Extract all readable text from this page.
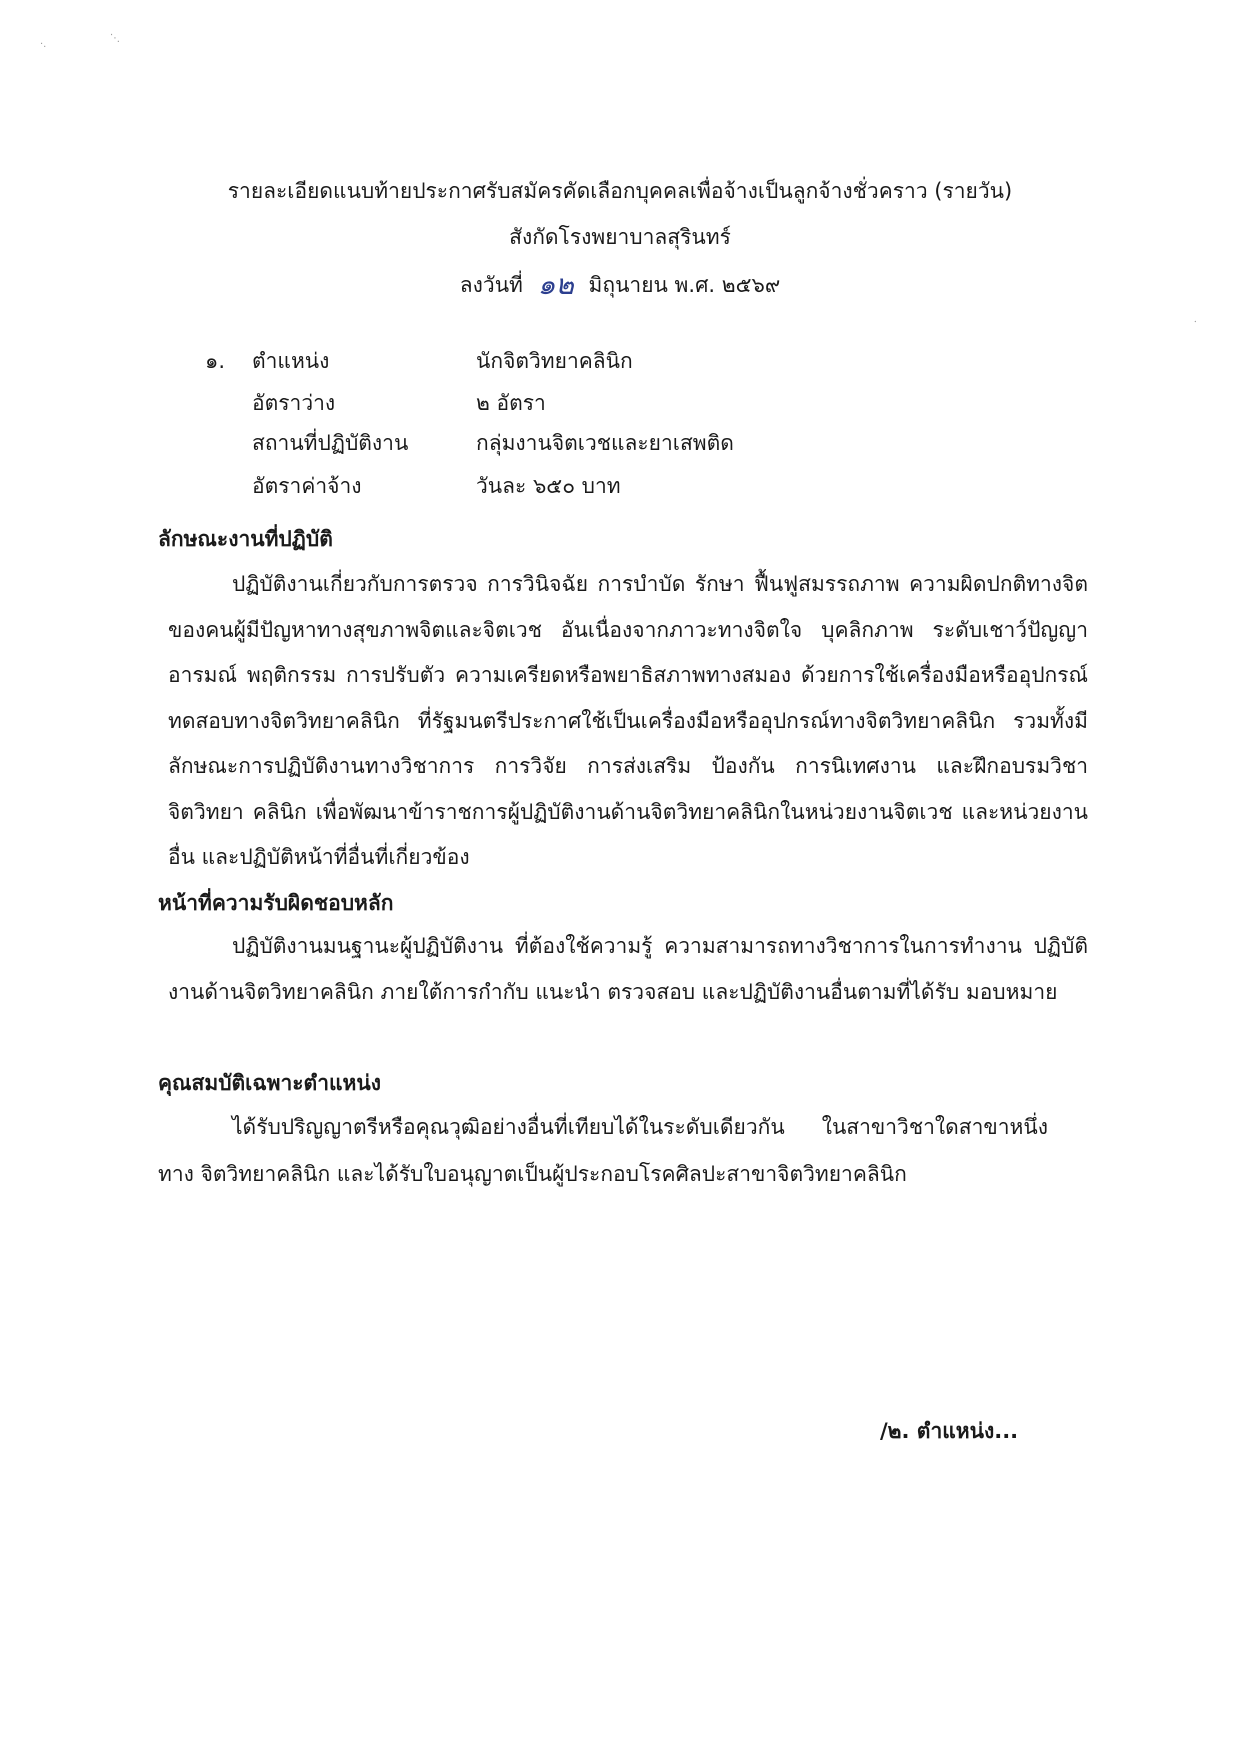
·.
⋱
⸱
รายละเอียดแนบท้ายประกาศรับสมัครคัดเลือกบุคคลเพื่อจ้างเป็นลูกจ้างชั่วคราว (รายวัน)
สังกัดโรงพยาบาลสุรินทร์
ลงวันที่ ๑๒ มิถุนายน พ.ศ. ๒๕๖๙
๑. ตำแหน่ง	นักจิตวิทยาคลินิก
อัตราว่าง	๒ อัตรา
สถานที่ปฏิบัติงาน	กลุ่มงานจิตเวชและยาเสพติด
อัตราค่าจ้าง	วันละ ๖๕๐ บาท
ลักษณะงานที่ปฏิบัติ

ปฏิบัติงานเกี่ยวกับการตรวจ การวินิจฉัย การบำบัด รักษา ฟื้นฟูสมรรถภาพ ความผิดปกติทางจิต ของคนผู้มีปัญหาทางสุขภาพจิตและจิตเวช อันเนื่องจากภาวะทางจิตใจ บุคลิกภาพ ระดับเชาว์ปัญญา อารมณ์ พฤติกรรม การปรับตัว ความเครียดหรือพยาธิสภาพทางสมอง ด้วยการใช้เครื่องมือหรืออุปกรณ์ ทดสอบทางจิตวิทยาคลินิก ที่รัฐมนตรีประกาศใช้เป็นเครื่องมือหรืออุปกรณ์ทางจิตวิทยาคลินิก รวมทั้งมี ลักษณะการปฏิบัติงานทางวิชาการ การวิจัย การส่งเสริม ป้องกัน การนิเทศงาน และฝึกอบรมวิชาจิตวิทยา คลินิก เพื่อพัฒนาข้าราชการผู้ปฏิบัติงานด้านจิตวิทยาคลินิกในหน่วยงานจิตเวช และหน่วยงานอื่น และปฏิบัติหน้าที่อื่นที่เกี่ยวข้อง

หน้าที่ความรับผิดชอบหลัก

ปฏิบัติงานมนฐานะผู้ปฏิบัติงาน ที่ต้องใช้ความรู้ ความสามารถทางวิชาการในการทำงาน ปฏิบัติงานด้านจิตวิทยาคลินิก ภายใต้การกำกับ แนะนำ ตรวจสอบ และปฏิบัติงานอื่นตามที่ได้รับ มอบหมาย

คุณสมบัติเฉพาะตำแหน่ง

ได้รับปริญญาตรีหรือคุณวุฒิอย่างอื่นที่เทียบได้ในระดับเดียวกัน ในสาขาวิชาใดสาขาหนึ่งทาง จิตวิทยาคลินิก และได้รับใบอนุญาตเป็นผู้ประกอบโรคศิลปะสาขาจิตวิทยาคลินิก

/๒. ตำแหน่ง...
